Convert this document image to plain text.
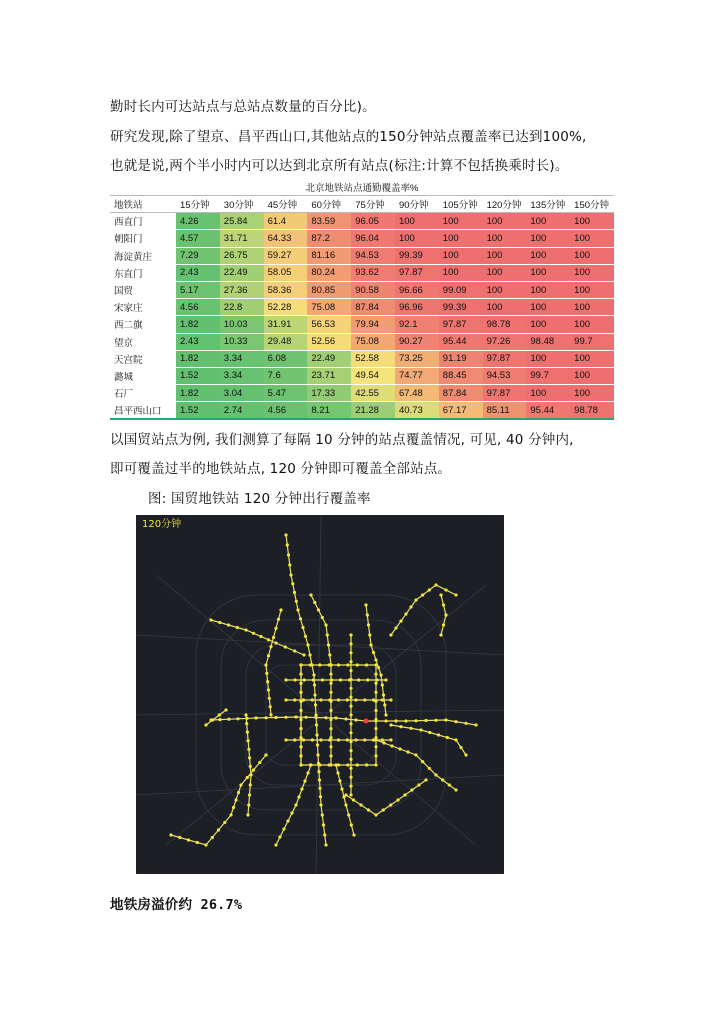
勤时长内可达站点与总站点数量的百分比)。
研究发现,除了望京、昌平西山口,其他站点的150分钟站点覆盖率已达到100%,
也就是说,两个半小时内可以达到北京所有站点(标注:计算不包括换乘时长)。
北京地铁站点通勤覆盖率%										
地铁站	15分钟	30分钟	45分钟	60分钟	75分钟	90分钟	105分钟	120分钟	135分钟	150分钟
西直门	4.26	25.84	61.4	83.59	96.05	100	100	100	100	100
朝阳门	4.57	31.71	64.33	87.2	96.04	100	100	100	100	100
海淀黄庄	7.29	26.75	59.27	81.16	94.53	99.39	100	100	100	100
东直门	2.43	22.49	58.05	80.24	93.62	97.87	100	100	100	100
国贸	5.17	27.36	58.36	80.85	90.58	96.66	99.09	100	100	100
宋家庄	4.56	22.8	52.28	75.08	87.84	96.96	99.39	100	100	100
西二旗	1.82	10.03	31.91	56.53	79.94	92.1	97.87	98.78	100	100
望京	2.43	10.33	29.48	52.56	75.08	90.27	95.44	97.26	98.48	99.7
天宫院	1.82	3.34	6.08	22.49	52.58	73.25	91.19	97.87	100	100
潞城	1.52	3.34	7.6	23.71	49.54	74.77	88.45	94.53	99.7	100
石厂	1.82	3.04	5.47	17.33	42.55	67.48	87.84	97.87	100	100
昌平西山口	1.52	2.74	4.56	8.21	21.28	40.73	67.17	85.11	95.44	98.78
以国贸站点为例, 我们测算了每隔 10 分钟的站点覆盖情况, 可见, 40 分钟内,
即可覆盖过半的地铁站点, 120 分钟即可覆盖全部站点。
图: 国贸地铁站 120 分钟出行覆盖率
120分钟
地铁房溢价约 26.7%
